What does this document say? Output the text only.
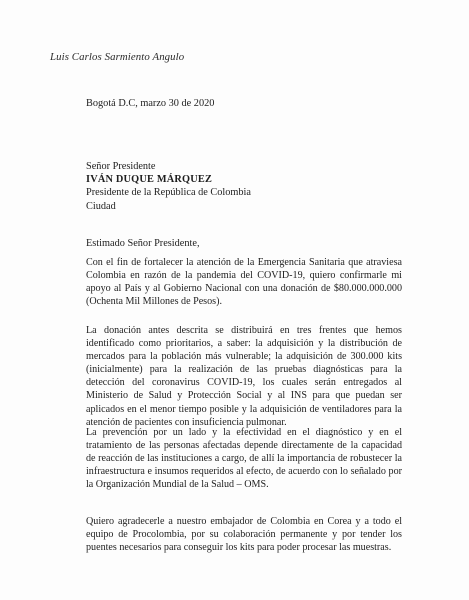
Luis Carlos Sarmiento Angulo
Bogotá D.C, marzo 30 de 2020
Señor Presidente
IVÁN DUQUE MÁRQUEZ
Presidente de la República de Colombia
Ciudad
Estimado Señor Presidente,

Con el fin de fortalecer la atención de la Emergencia Sanitaria que atraviesa Colombia en razón de la pandemia del COVID-19, quiero confirmarle mi apoyo al País y al Gobierno Nacional con una donación de $80.000.000.000 (Ochenta Mil Millones de Pesos).

La donación antes descrita se distribuirá en tres frentes que hemos identificado como prioritarios, a saber: la adquisición y la distribución de mercados para la población más vulnerable; la adquisición de 300.000 kits (inicialmente) para la realización de las pruebas diagnósticas para la detección del coronavirus COVID-19, los cuales serán entregados al Ministerio de Salud y Protección Social y al INS para que puedan ser aplicados en el menor tiempo posible y la adquisición de ventiladores para la atención de pacientes con insuficiencia pulmonar.

La prevención por un lado y la efectividad en el diagnóstico y en el tratamiento de las personas afectadas depende directamente de la capacidad de reacción de las instituciones a cargo, de allí la importancia de robustecer la infraestructura e insumos requeridos al efecto, de acuerdo con lo señalado por la Organización Mundial de la Salud – OMS.

Quiero agradecerle a nuestro embajador de Colombia en Corea y a todo el equipo de Procolombia, por su colaboración permanente y por tender los puentes necesarios para conseguir los kits para poder procesar las muestras.
